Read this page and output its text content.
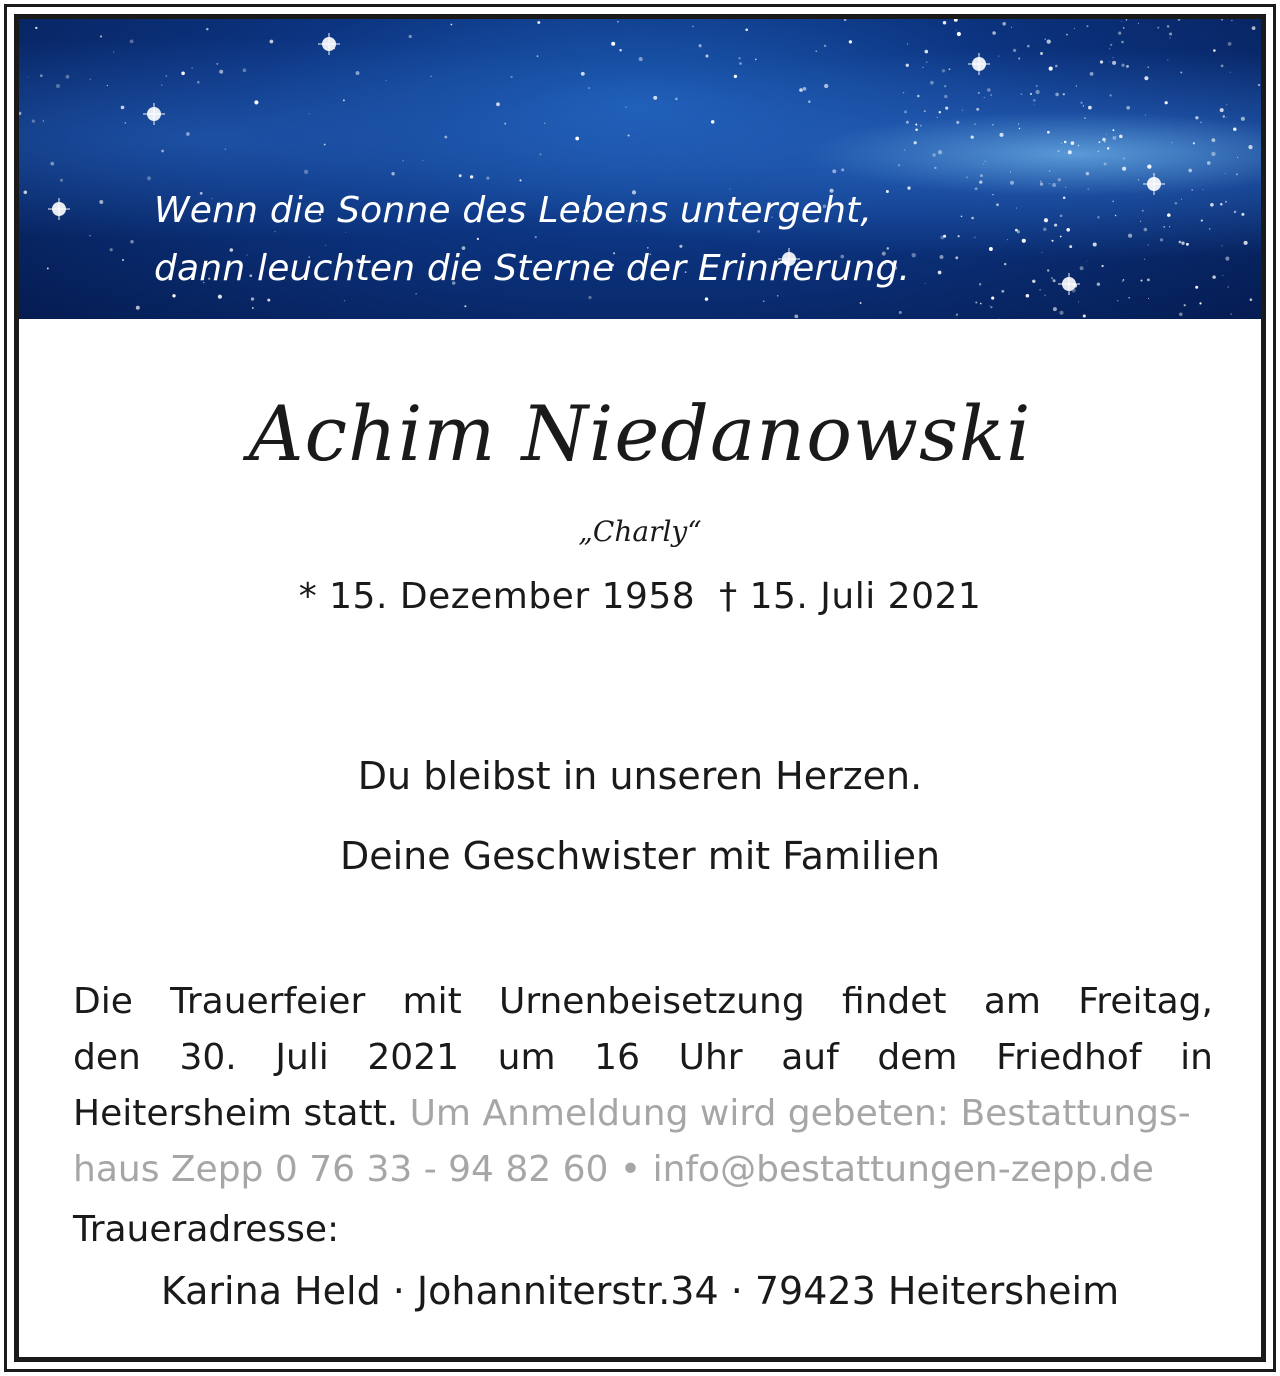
Wenn die Sonne des Lebens untergeht,
dann leuchten die Sterne der Erinnerung.
Achim Niedanowski
„Charly“
* 15. Dezember 1958 † 15. Juli 2021
Du bleibst in unseren Herzen.
Deine Geschwister mit Familien
Die Trauerfeier mit Urnenbeisetzung findet am Freitag,
den 30. Juli 2021 um 16 Uhr auf dem Friedhof in
Heitersheim statt. Um Anmeldung wird gebeten: Bestattungs-
haus Zepp 0 76 33 - 94 82 60 • info@bestattungen-zepp.de
Traueradresse:
Karina Held · Johanniterstr.34 · 79423 Heitersheim
